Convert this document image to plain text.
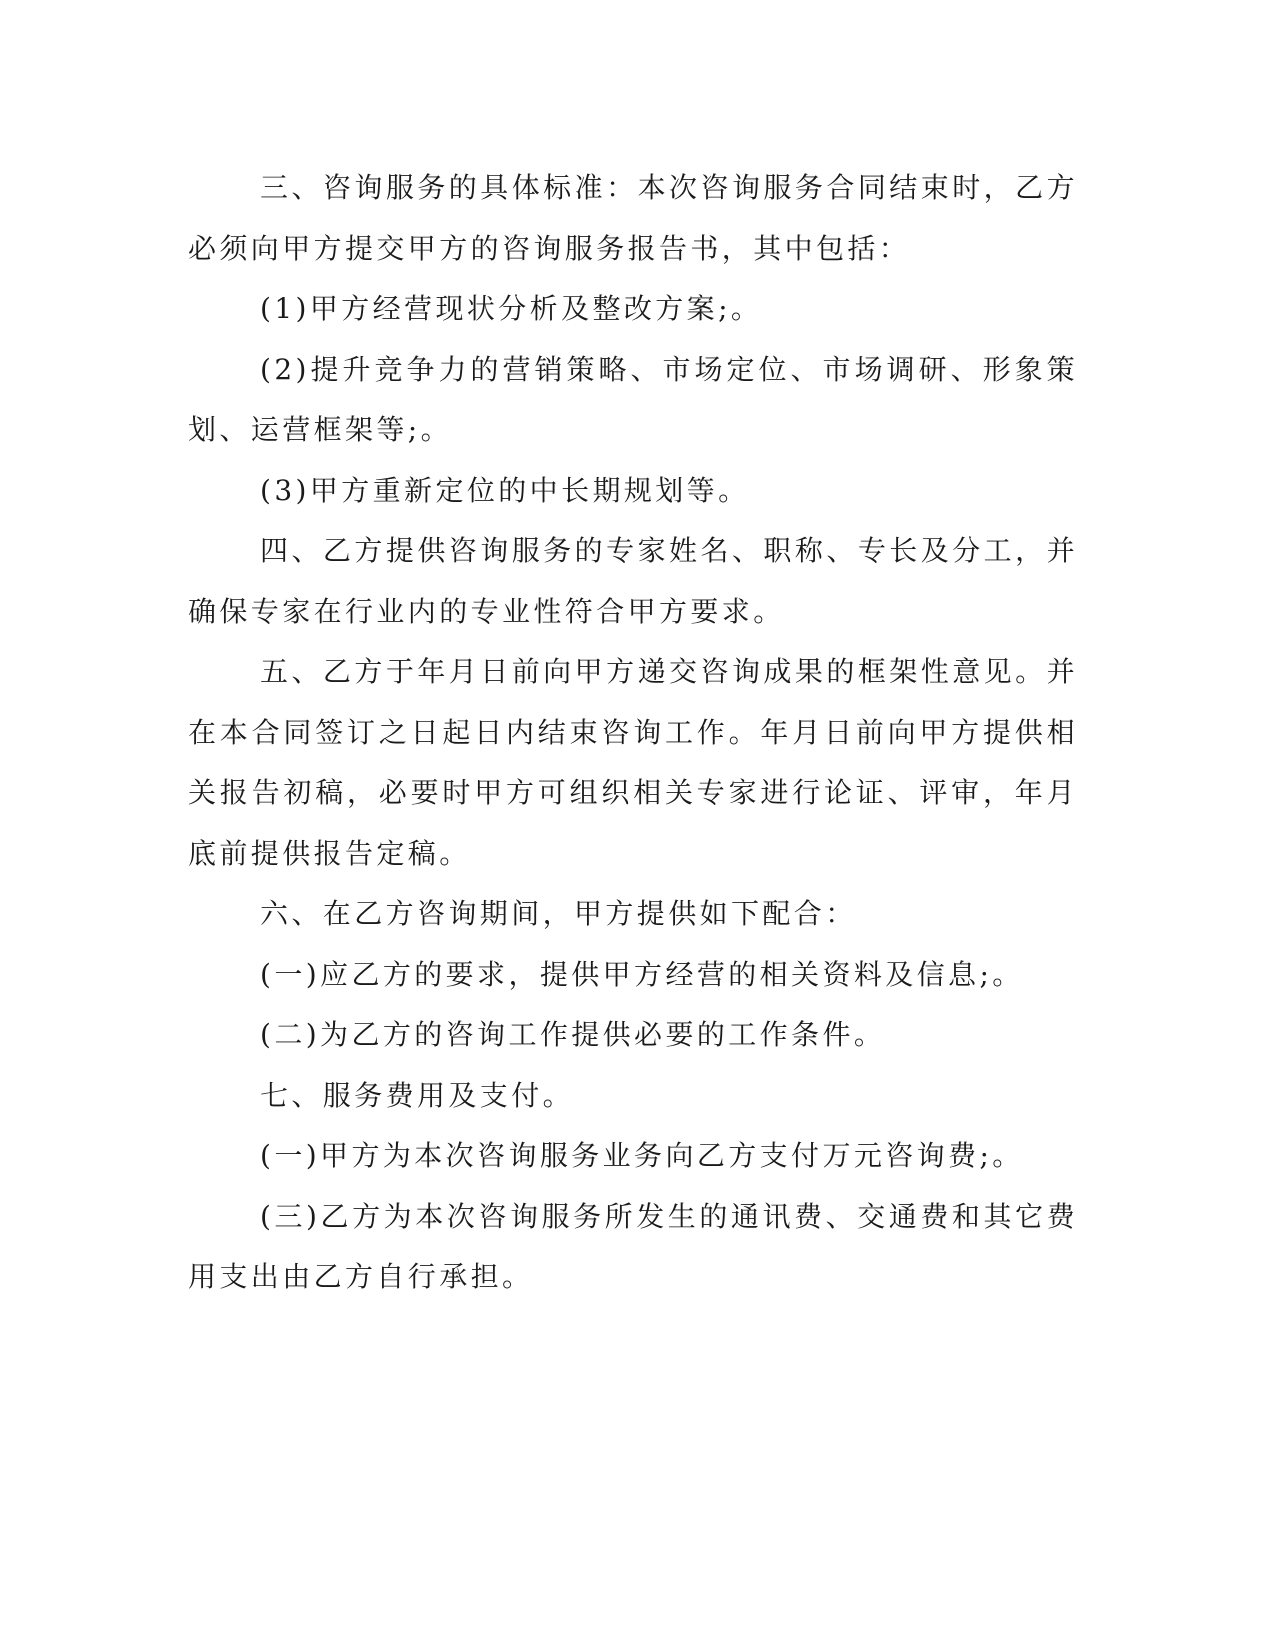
三、咨询服务的具体标准：本次咨询服务合同结束时，乙方必须向甲方提交甲方的咨询服务报告书，其中包括：

(1)甲方经营现状分析及整改方案;。

(2)提升竞争力的营销策略、市场定位、市场调研、形象策划、运营框架等;。

(3)甲方重新定位的中长期规划等。

四、乙方提供咨询服务的专家姓名、职称、专长及分工，并确保专家在行业内的专业性符合甲方要求。

五、乙方于年月日前向甲方递交咨询成果的框架性意见。并在本合同签订之日起日内结束咨询工作。年月日前向甲方提供相关报告初稿，必要时甲方可组织相关专家进行论证、评审，年月底前提供报告定稿。

六、在乙方咨询期间，甲方提供如下配合：

(一)应乙方的要求，提供甲方经营的相关资料及信息;。

(二)为乙方的咨询工作提供必要的工作条件。

七、服务费用及支付。

(一)甲方为本次咨询服务业务向乙方支付万元咨询费;。

(三)乙方为本次咨询服务所发生的通讯费、交通费和其它费用支出由乙方自行承担。
